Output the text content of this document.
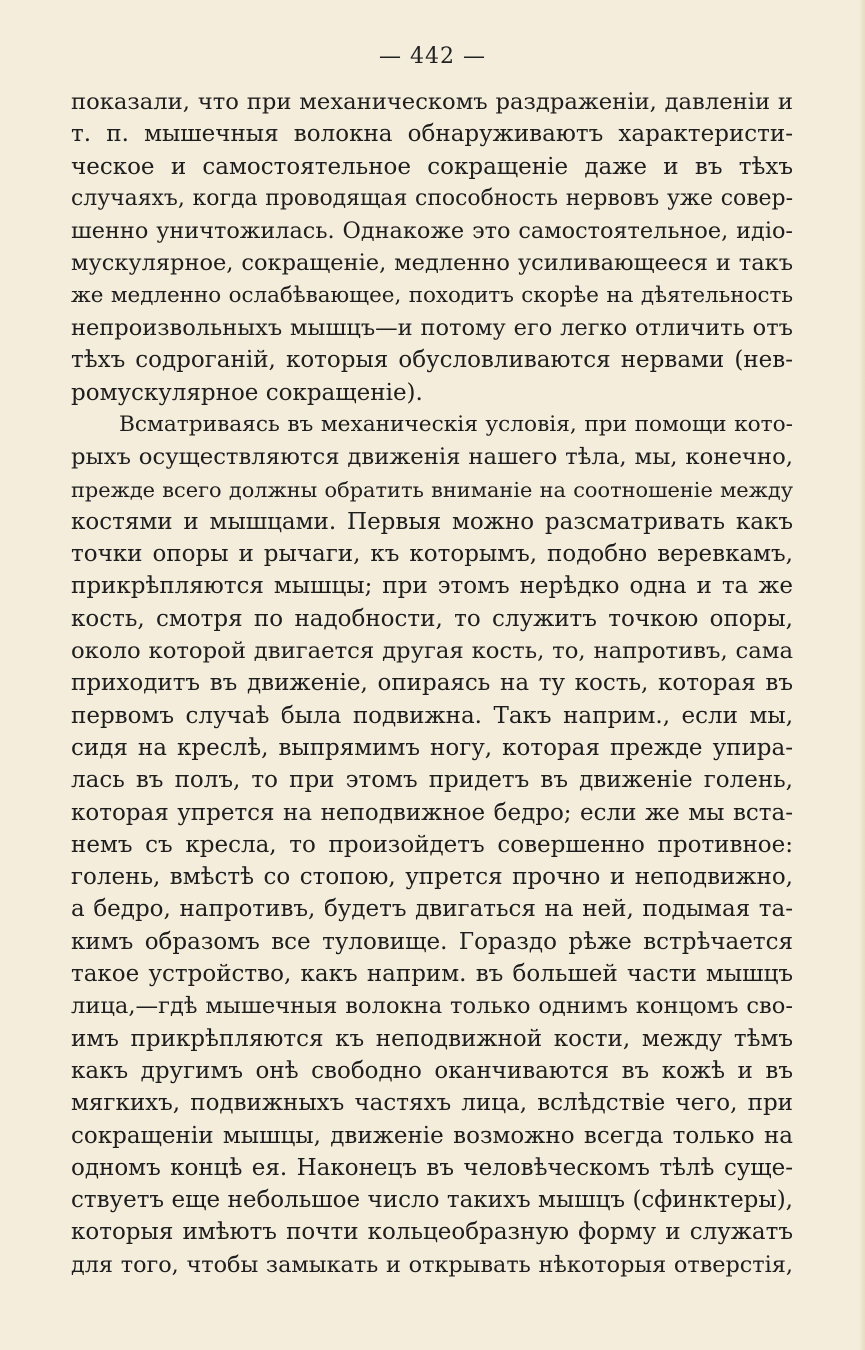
— 442 —
показали, что при механическомъ раздраженіи, давленіи и
т. п. мышечныя волокна обнаруживаютъ характеристи-
ческое и самостоятельное сокращеніе даже и въ тѣхъ
случаяхъ, когда проводящая способность нервовъ уже совер-
шенно уничтожилась. Однакоже это самостоятельное, идіо-
мускулярное, сокращеніе, медленно усиливающееся и такъ
же медленно ослабѣвающее, походитъ скорѣе на дѣятельность
непроизвольныхъ мышцъ—и потому его легко отличить отъ
тѣхъ содроганій, которыя обусловливаются нервами (нев-
ромускулярное сокращеніе).
Всматриваясь въ механическія условія, при помощи кото-
рыхъ осуществляются движенія нашего тѣла, мы, конечно,
прежде всего должны обратить вниманіе на соотношеніе между
костями и мышцами. Первыя можно разсматривать какъ
точки опоры и рычаги, къ которымъ, подобно веревкамъ,
прикрѣпляются мышцы; при этомъ нерѣдко одна и та же
кость, смотря по надобности, то служитъ точкою опоры,
около которой двигается другая кость, то, напротивъ, сама
приходитъ въ движеніе, опираясь на ту кость, которая въ
первомъ случаѣ была подвижна. Такъ наприм., если мы,
сидя на креслѣ, выпрямимъ ногу, которая прежде упира-
лась въ полъ, то при этомъ придетъ въ движеніе голень,
которая упрется на неподвижное бедро; если же мы вста-
немъ съ кресла, то произойдетъ совершенно противное:
голень, вмѣстѣ со стопою, упрется прочно и неподвижно,
а бедро, напротивъ, будетъ двигаться на ней, подымая та-
кимъ образомъ все туловище. Гораздо рѣже встрѣчается
такое устройство, какъ наприм. въ большей части мышцъ
лица,—гдѣ мышечныя волокна только однимъ концомъ сво-
имъ прикрѣпляются къ неподвижной кости, между тѣмъ
какъ другимъ онѣ свободно оканчиваются въ кожѣ и въ
мягкихъ, подвижныхъ частяхъ лица, вслѣдствіе чего, при
сокращеніи мышцы, движеніе возможно всегда только на
одномъ концѣ ея. Наконецъ въ человѣческомъ тѣлѣ суще-
ствуетъ еще небольшое число такихъ мышцъ (сфинктеры),
которыя имѣютъ почти кольцеобразную форму и служатъ
для того, чтобы замыкать и открывать нѣкоторыя отверстія,
